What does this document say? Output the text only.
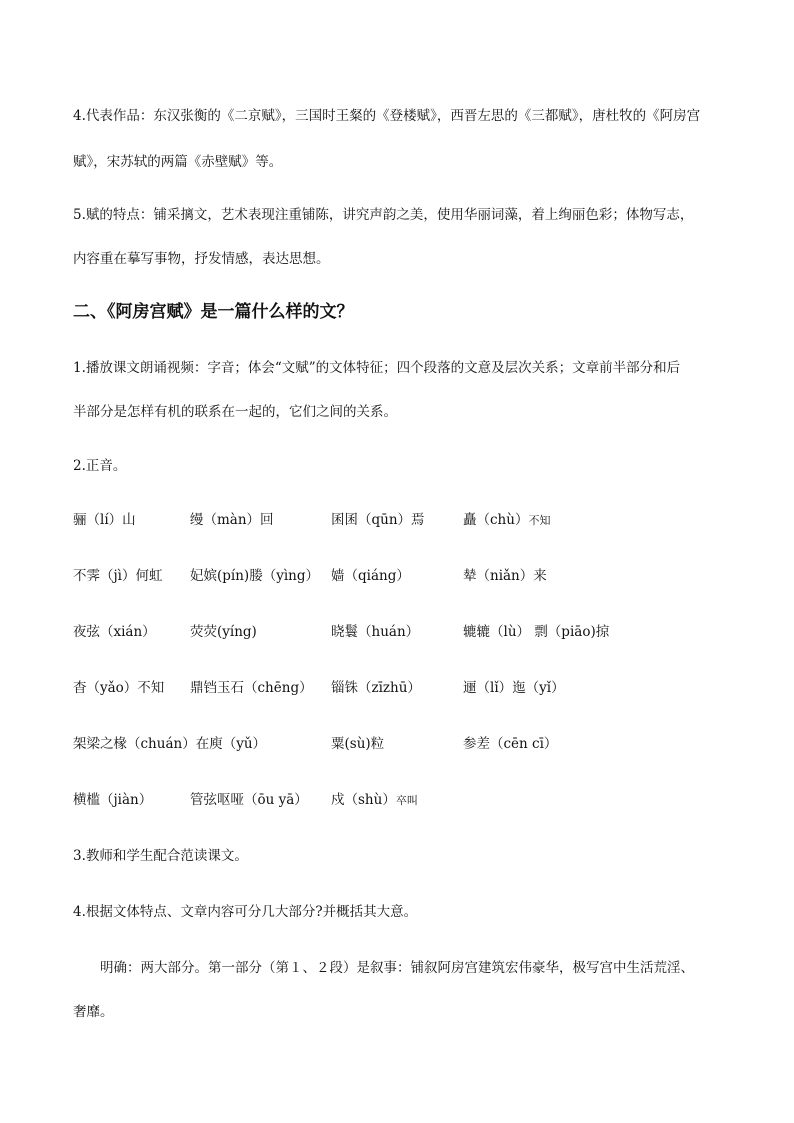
4.代表作品：东汉张衡的《二京赋》，三国时王粲的《登楼赋》，西晋左思的《三都赋》，唐杜牧的《阿房宫
赋》，宋苏轼的两篇《赤壁赋》等。
5.赋的特点：铺采摛文，艺术表现注重铺陈，讲究声韵之美，使用华丽词藻，着上绚丽色彩；体物写志，
内容重在摹写事物，抒发情感，表达思想。
二、《阿房宫赋》是一篇什么样的文？
1.播放课文朗诵视频：字音；体会“文赋”的文体特征；四个段落的文意及层次关系；文章前半部分和后
半部分是怎样有机的联系在一起的，它们之间的关系。
2.正音。
骊（lí）山	缦（màn）回	囷囷（qūn）焉	矗（chù）不知
不霁（jì）何虹 妃嫔(pín)媵（yìng） 嫱（qiáng）	辇（niǎn）来
夜弦（xián）	荧荧(yíng)	晓鬟（huán）	辘辘（lù） 剽（piāo)掠
杳（yǎo）不知 鼎铛玉石（chēng） 锱铢（zīzhū）	逦（lǐ）迤（yǐ）
架梁之椽（chuán）在庾（yǔ）	粟(sù)粒	参差（cēn cī）
横槛（jiàn）	管弦呕哑（ōu yā） 戍（shù）卒叫
3.教师和学生配合范读课文。
4.根据文体特点、文章内容可分几大部分?并概括其大意。
明确：两大部分。第一部分（第１、２段）是叙事：铺叙阿房宫建筑宏伟豪华，极写宫中生活荒淫、
奢靡。
